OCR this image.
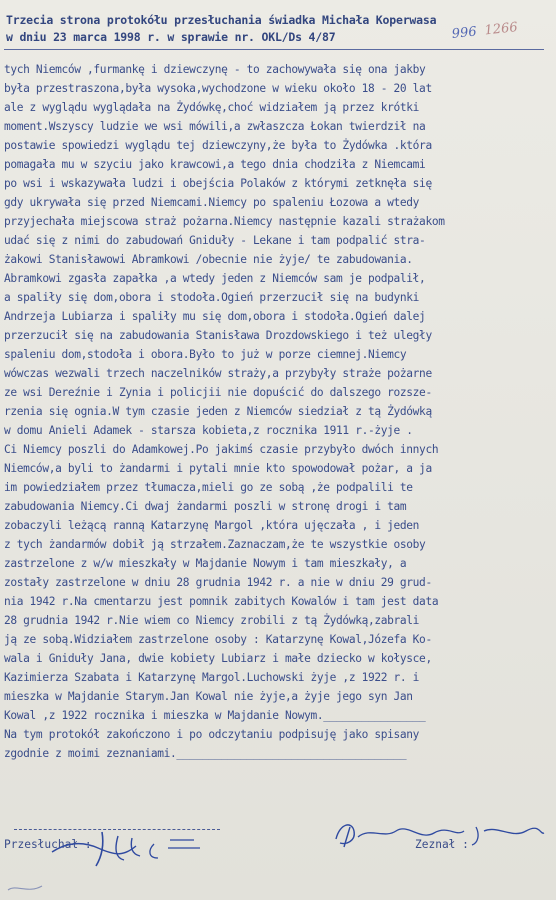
Trzecia strona protokółu przesłuchania świadka Michała Koperwasa
w dniu 23 marca 1998 r. w sprawie nr. OKL/Ds 4/87	996 1266
tych Niemców ,furmankę i dziewczynę - to zachowywała się ona jakby
była przestraszona,była wysoka,wychodzone w wieku około 18 - 20 lat
ale z wyglądu wyglądała na Żydówkę,choć widziałem ją przez krótki
moment.Wszyscy ludzie we wsi mówili,a zwłaszcza Łokan twierdził na
postawie spowiedzi wyglądu tej dziewczyny,że była to Żydówka .która
pomagała mu w szyciu jako krawcowi,a tego dnia chodziła z Niemcami
po wsi i wskazywała ludzi i obejścia Polaków z którymi zetknęła się
gdy ukrywała się przed Niemcami.Niemcy po spaleniu Łozowa a wtedy
przyjechała miejscowa straż pożarna.Niemcy następnie kazali strażakom
udać się z nimi do zabudowań Gniduły - Lekane i tam podpalić stra-
żakowi Stanisławowi Abramkowi /obecnie nie żyje/ te zabudowania.
Abramkowi zgasła zapałka ,a wtedy jeden z Niemców sam je podpalił,
a spaliły się dom,obora i stodoła.Ogień przerzucił się na budynki
Andrzeja Lubiarza i spaliły mu się dom,obora i stodoła.Ogień dalej
przerzucił się na zabudowania Stanisława Drozdowskiego i też uległy
spaleniu dom,stodoła i obora.Było to już w porze ciemnej.Niemcy
wówczas wezwali trzech naczelników straży,a przybyły straże pożarne
ze wsi Dereźnie i Zynia i policjii nie dopuścić do dalszego rozsze-
rzenia się ognia.W tym czasie jeden z Niemców siedział z tą Żydówką
w domu Anieli Adamek - starsza kobieta,z rocznika 1911 r.-żyje .
Ci Niemcy poszli do Adamkowej.Po jakimś czasie przybyło dwóch innych
Niemców,a byli to żandarmi i pytali mnie kto spowodował pożar, a ja
im powiedziałem przez tłumacza,mieli go ze sobą ,że podpalili te
zabudowania Niemcy.Ci dwaj żandarmi poszli w stronę drogi i tam
zobaczyli leżącą ranną Katarzynę Margol ,która ujęczała , i jeden
z tych żandarmów dobił ją strzałem.Zaznaczam,że te wszystkie osoby
zastrzelone z w/w mieszkały w Majdanie Nowym i tam mieszkały, a
zostały zastrzelone w dniu 28 grudnia 1942 r. a nie w dniu 29 grud-
nia 1942 r.Na cmentarzu jest pomnik zabitych Kowalów i tam jest data
28 grudnia 1942 r.Nie wiem co Niemcy zrobili z tą Żydówką,zabrali
ją ze sobą.Widziałem zastrzelone osoby : Katarzynę Kowal,Józefa Ko-
wala i Gniduły Jana, dwie kobiety Lubiarz i małe dziecko w kołysce,
Kazimierza Szabata i Katarzynę Margol.Luchowski żyje ,z 1922 r. i
mieszka w Majdanie Starym.Jan Kowal nie żyje,a żyje jego syn Jan
Kowal ,z 1922 rocznika i mieszka w Majdanie Nowym.________________
Na tym protokół zakończono i po odczytaniu podpisuję jako spisany
zgodnie z moimi zeznaniami.____________________________________
Przesłuchał :	Zeznał :
